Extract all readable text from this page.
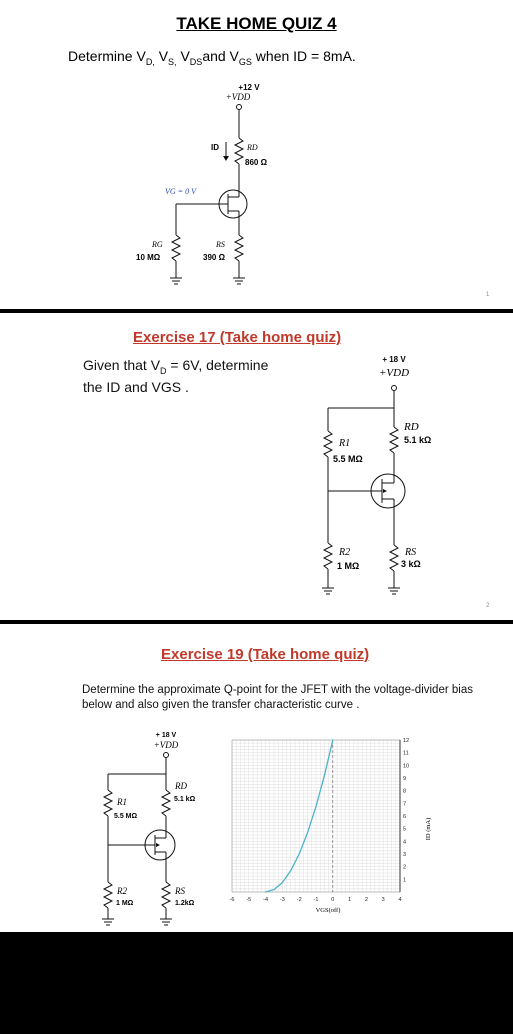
TAKE HOME QUIZ 4
Determine $V_{D,}$ $V_{S,}$ $V_{DS}and$ $V_{GS}$ when ID = 8mA.
+12 V
+VDD
ID	RD
860 Ω
VG = 0 V
RG
10 MΩ
RS
390 Ω
1
Exercise 17 (Take home quiz)
Given that $V_D = 6V$, determine
the ID and VGS .
+ 18 V
+VDD
RD
5.1 kΩ
R1
5.5 MΩ
R2
1 MΩ
RS
3 kΩ
2
Exercise 19 (Take home quiz)
Determine the approximate Q-point for the JFET with the voltage-divider bias below and also given the transfer characteristic curve .
+ 18 V
+VDD
RD
5.1 kΩ
R1
5.5 MΩ
R2
1 MΩ
RS
1.2kΩ	-6 -5 -4 -3 -2 -1 0 1 2 3 4
1
2
3
4
5
6
7
8
9
10
11
12
VGS(off)
ID (mA)
